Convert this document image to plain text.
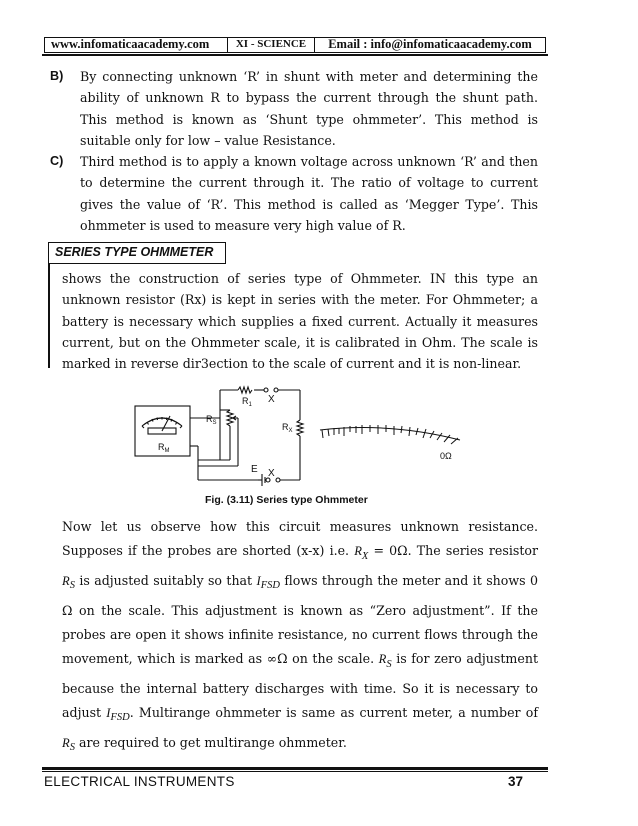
www.infomaticaacademy.com	XI - SCIENCE	Email : info@infomaticaacademy.com
B) By connecting unknown ‘R’ in shunt with meter and determining the ability of unknown R to bypass the current through the shunt path. This method is known as ‘Shunt type ohmmeter’. This method is suitable only for low – value Resistance.
C) Third method is to apply a known voltage across unknown ‘R’ and then to determine the current through it. The ratio of voltage to current gives the value of ‘R’. This method is called as ‘Megger Type’. This ohmmeter is used to measure very high value of R.
SERIES TYPE OHMMETER
shows the construction of series type of Ohmmeter. IN this type an unknown resistor (Rx) is kept in series with the meter. For Ohmmeter; a battery is necessary which supplies a fixed current. Actually it measures current, but on the Ohmmeter scale, it is calibrated in Ohm. The scale is marked in reverse dir3ection to the scale of current and it is non-linear.
$R_1$
$R_S$
$R_M$
$R_X$
X
X
E
0Ω
Fig. (3.11) Series type Ohmmeter
Now let us observe how this circuit measures unknown resistance. Supposes if the probes are shorted (x-x) i.e. $R_X = 0\Omega$. The series resistor $R_S$ is adjusted suitably so that $I_{FSD}$ flows through the meter and it shows 0 Ω on the scale. This adjustment is known as “Zero adjustment”. If the probes are open it shows infinite resistance, no current flows through the movement, which is marked as ∞Ω on the scale. $R_S$ is for zero adjustment because the internal battery discharges with time. So it is necessary to adjust $I_{FSD}$. Multirange ohmmeter is same as current meter, a number of $R_S$ are required to get multirange ohmmeter.
ELECTRICAL INSTRUMENTS	37
